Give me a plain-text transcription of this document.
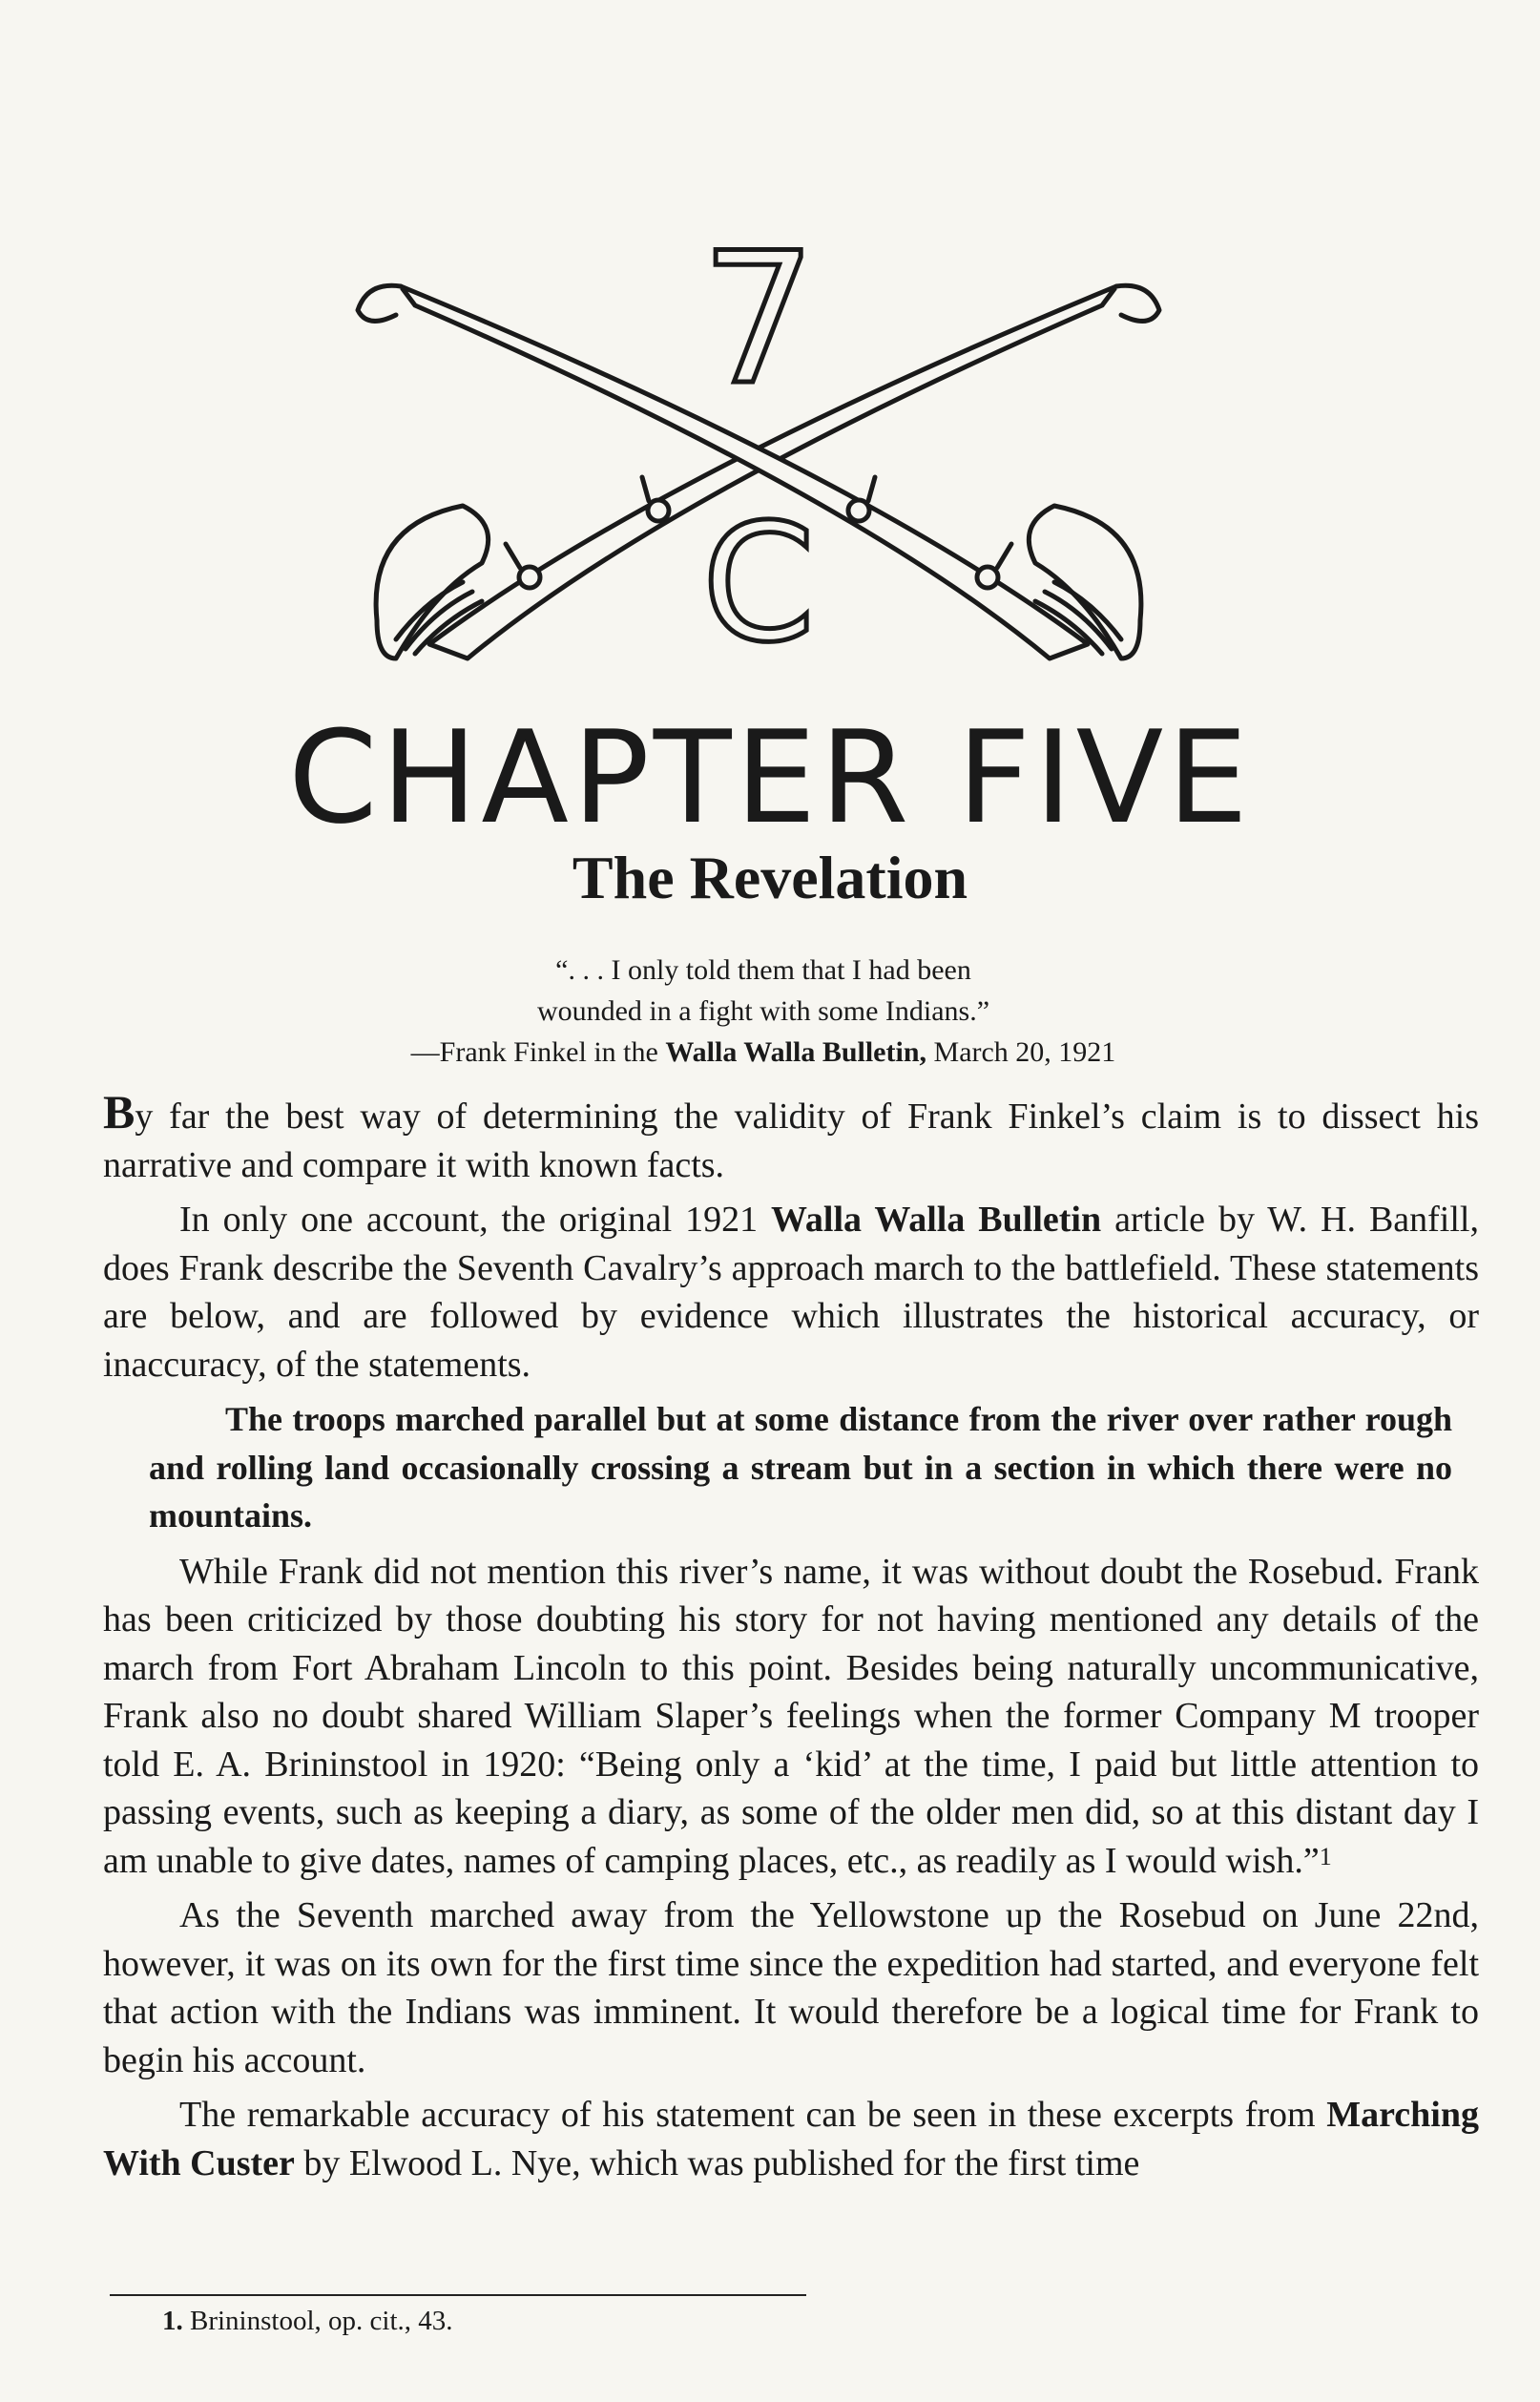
7
C
CHAPTER FIVE
The Revelation
“. . . I only told them that I had been
wounded in a fight with some Indians.”
—Frank Finkel in the Walla Walla Bulletin, March 20, 1921

By far the best way of determining the validity of Frank Finkel’s claim is to dissect his narrative and compare it with known facts.

In only one account, the original 1921 Walla Walla Bulletin article by W. H. Banfill, does Frank describe the Seventh Cavalry’s approach march to the battlefield. These statements are below, and are followed by evidence which illustrates the historical accuracy, or inaccuracy, of the statements.

The troops marched parallel but at some distance from the river over rather rough and rolling land occasionally crossing a stream but in a section in which there were no mountains.

While Frank did not mention this river’s name, it was without doubt the Rosebud. Frank has been criticized by those doubting his story for not having mentioned any details of the march from Fort Abraham Lincoln to this point. Besides being naturally uncommunicative, Frank also no doubt shared William Slaper’s feelings when the former Company M trooper told E. A. Brininstool in 1920: “Being only a ‘kid’ at the time, I paid but little attention to passing events, such as keeping a diary, as some of the older men did, so at this distant day I am unable to give dates, names of camping places, etc., as readily as I would wish.”$^1$

As the Seventh marched away from the Yellowstone up the Rosebud on June 22nd, however, it was on its own for the first time since the expedition had started, and everyone felt that action with the Indians was imminent. It would therefore be a logical time for Frank to begin his account.

The remarkable accuracy of his statement can be seen in these excerpts from Marching With Custer by Elwood L. Nye, which was published for the first time

1. Brininstool, op. cit., 43.
